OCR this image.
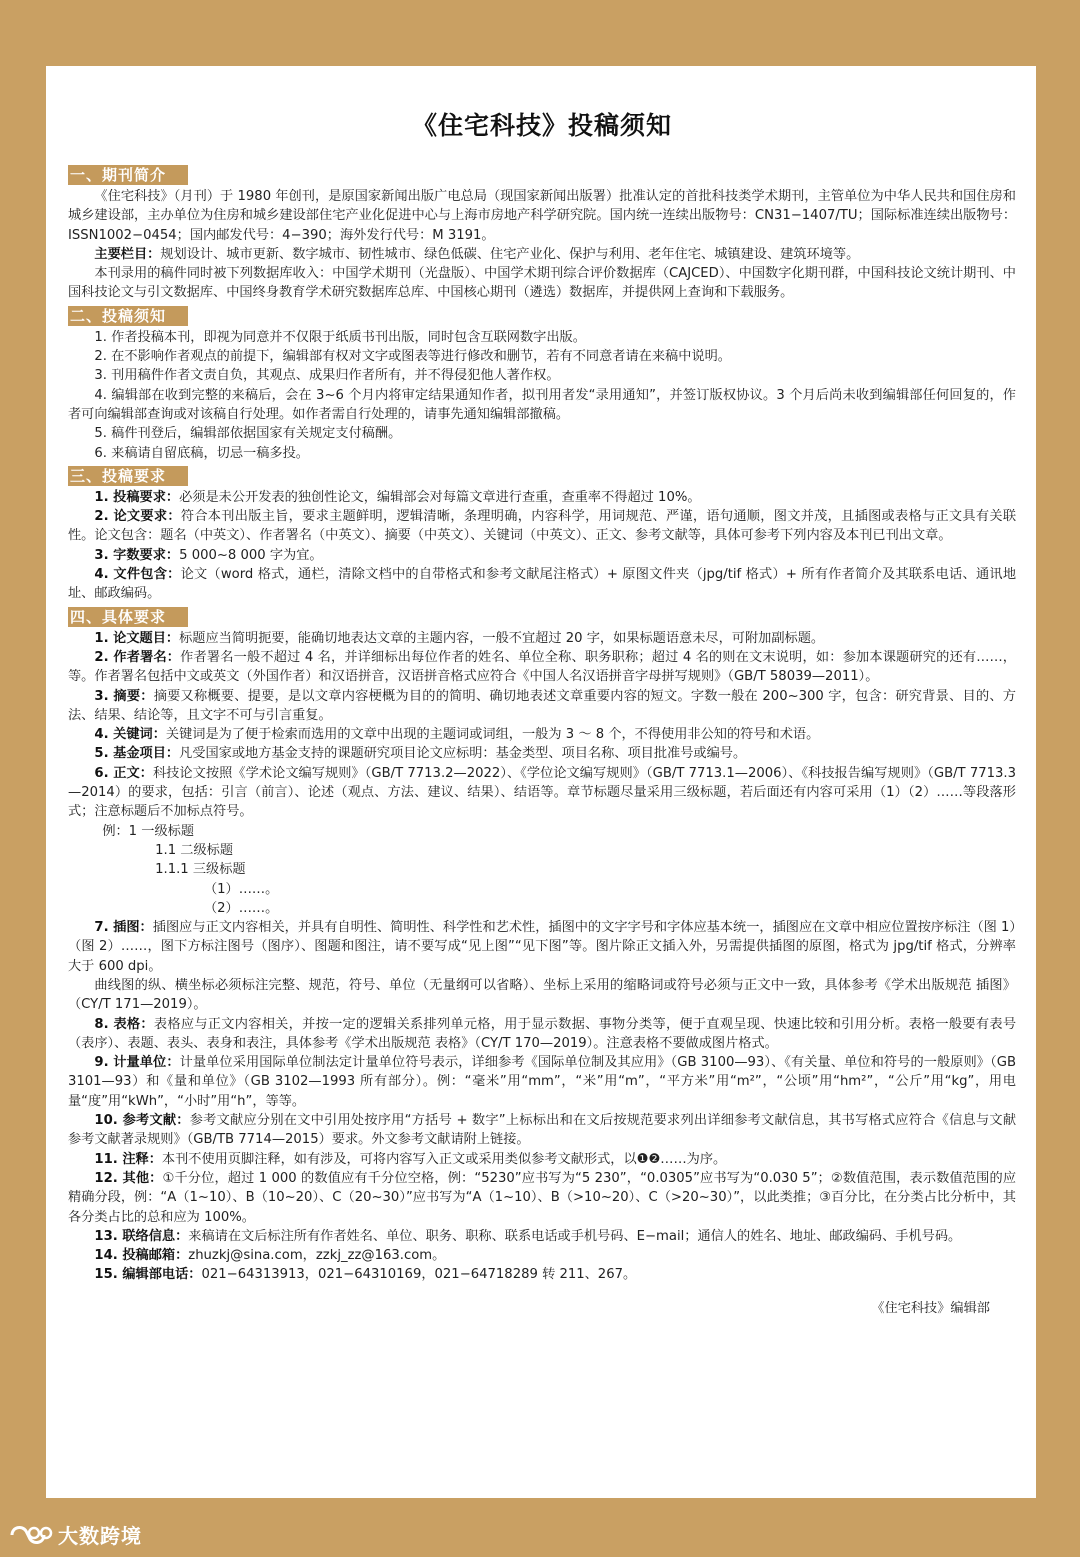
《住宅科技》投稿须知
一、期刊简介

《住宅科技》（月刊）于 1980 年创刊，是原国家新闻出版广电总局（现国家新闻出版署）批准认定的首批科技类学术期刊，主管单位为中华人民共和国住房和城乡建设部，主办单位为住房和城乡建设部住宅产业化促进中心与上海市房地产科学研究院。国内统一连续出版物号：CN31−1407/TU；国际标准连续出版物号：ISSN1002−0454；国内邮发代号：4−390；海外发行代号：M 3191。

主要栏目：规划设计、城市更新、数字城市、韧性城市、绿色低碳、住宅产业化、保护与利用、老年住宅、城镇建设、建筑环境等。

本刊录用的稿件同时被下列数据库收入：中国学术期刊（光盘版）、中国学术期刊综合评价数据库（CAJCED）、中国数字化期刊群，中国科技论文统计期刊、中国科技论文与引文数据库、中国终身教育学术研究数据库总库、中国核心期刊（遴选）数据库，并提供网上查询和下载服务。

二、投稿须知

1. 作者投稿本刊，即视为同意并不仅限于纸质书刊出版，同时包含互联网数字出版。

2. 在不影响作者观点的前提下，编辑部有权对文字或图表等进行修改和删节，若有不同意者请在来稿中说明。

3. 刊用稿件作者文责自负，其观点、成果归作者所有，并不得侵犯他人著作权。

4. 编辑部在收到完整的来稿后，会在 3~6 个月内将审定结果通知作者，拟刊用者发“录用通知”，并签订版权协议。3 个月后尚未收到编辑部任何回复的，作者可向编辑部查询或对该稿自行处理。如作者需自行处理的，请事先通知编辑部撤稿。

5. 稿件刊登后，编辑部依据国家有关规定支付稿酬。

6. 来稿请自留底稿，切忌一稿多投。

三、投稿要求

1. 投稿要求：必须是未公开发表的独创性论文，编辑部会对每篇文章进行查重，查重率不得超过 10%。

2. 论文要求：符合本刊出版主旨，要求主题鲜明，逻辑清晰，条理明确，内容科学，用词规范、严谨，语句通顺，图文并茂，且插图或表格与正文具有关联性。论文包含：题名（中英文）、作者署名（中英文）、摘要（中英文）、关键词（中英文）、正文、参考文献等，具体可参考下列内容及本刊已刊出文章。

3. 字数要求：5 000~8 000 字为宜。

4. 文件包含：论文（word 格式，通栏，清除文档中的自带格式和参考文献尾注格式）+ 原图文件夹（jpg/tif 格式）+ 所有作者简介及其联系电话、通讯地址、邮政编码。

四、具体要求

1. 论文题目：标题应当简明扼要，能确切地表达文章的主题内容，一般不宜超过 20 字，如果标题语意未尽，可附加副标题。

2. 作者署名：作者署名一般不超过 4 名，并详细标出每位作者的姓名、单位全称、职务职称；超过 4 名的则在文末说明，如：参加本课题研究的还有……，等。作者署名包括中文或英文（外国作者）和汉语拼音，汉语拼音格式应符合《中国人名汉语拼音字母拼写规则》（GB/T 58039—2011）。

3. 摘要：摘要又称概要、提要，是以文章内容梗概为目的的简明、确切地表述文章重要内容的短文。字数一般在 200~300 字，包含：研究背景、目的、方法、结果、结论等，且文字不可与引言重复。

4. 关键词：关键词是为了便于检索而选用的文章中出现的主题词或词组，一般为 3 ～ 8 个，不得使用非公知的符号和术语。

5. 基金项目：凡受国家或地方基金支持的课题研究项目论文应标明：基金类型、项目名称、项目批准号或编号。

6. 正文：科技论文按照《学术论文编写规则》（GB/T 7713.2—2022）、《学位论文编写规则》（GB/T 7713.1—2006）、《科技报告编写规则》（GB/T 7713.3—2014）的要求，包括：引言（前言）、论述（观点、方法、建议、结果）、结语等。章节标题尽量采用三级标题，若后面还有内容可采用（1）（2）……等段落形式；注意标题后不加标点符号。

例：1 一级标题

1.1 二级标题

1.1.1 三级标题

（1）……。

（2）……。

7. 插图：插图应与正文内容相关，并具有自明性、简明性、科学性和艺术性，插图中的文字字号和字体应基本统一，插图应在文章中相应位置按序标注（图 1）（图 2）……，图下方标注图号（图序）、图题和图注，请不要写成“见上图”“见下图”等。图片除正文插入外，另需提供插图的原图，格式为 jpg/tif 格式，分辨率大于 600 dpi。

曲线图的纵、横坐标必须标注完整、规范，符号、单位（无量纲可以省略）、坐标上采用的缩略词或符号必须与正文中一致，具体参考《学术出版规范 插图》（CY/T 171—2019）。

8. 表格：表格应与正文内容相关，并按一定的逻辑关系排列单元格，用于显示数据、事物分类等，便于直观呈现、快速比较和引用分析。表格一般要有表号（表序）、表题、表头、表身和表注，具体参考《学术出版规范 表格》（CY/T 170—2019）。注意表格不要做成图片格式。

9. 计量单位：计量单位采用国际单位制法定计量单位符号表示，详细参考《国际单位制及其应用》（GB 3100—93）、《有关量、单位和符号的一般原则》（GB 3101—93）和《量和单位》（GB 3102—1993 所有部分）。例：“毫米”用“mm”，“米”用“m”，“平方米”用“m²”，“公顷”用“hm²”，“公斤”用“kg”，用电量“度”用“kWh”，“小时”用“h”，等等。

10. 参考文献：参考文献应分别在文中引用处按序用“方括号 + 数字”上标标出和在文后按规范要求列出详细参考文献信息，其书写格式应符合《信息与文献 参考文献著录规则》（GB/TB 7714—2015）要求。外文参考文献请附上链接。

11. 注释：本刊不使用页脚注释，如有涉及，可将内容写入正文或采用类似参考文献形式，以❶❷……为序。

12. 其他：①千分位，超过 1 000 的数值应有千分位空格，例：“5230”应书写为“5 230”，“0.0305”应书写为“0.030 5”；②数值范围，表示数值范围的应精确分段，例：“A（1~10）、B（10~20）、C（20~30）”应书写为“A（1~10）、B（>10~20）、C（>20~30）”，以此类推；③百分比，在分类占比分析中，其各分类占比的总和应为 100%。

13. 联络信息：来稿请在文后标注所有作者姓名、单位、职务、职称、联系电话或手机号码、E−mail；通信人的姓名、地址、邮政编码、手机号码。

14. 投稿邮箱：zhuzkj@sina.com，zzkj_zz@163.com。

15. 编辑部电话：021−64313913，021−64310169，021−64718289 转 211、267。

《住宅科技》编辑部
大数跨境
